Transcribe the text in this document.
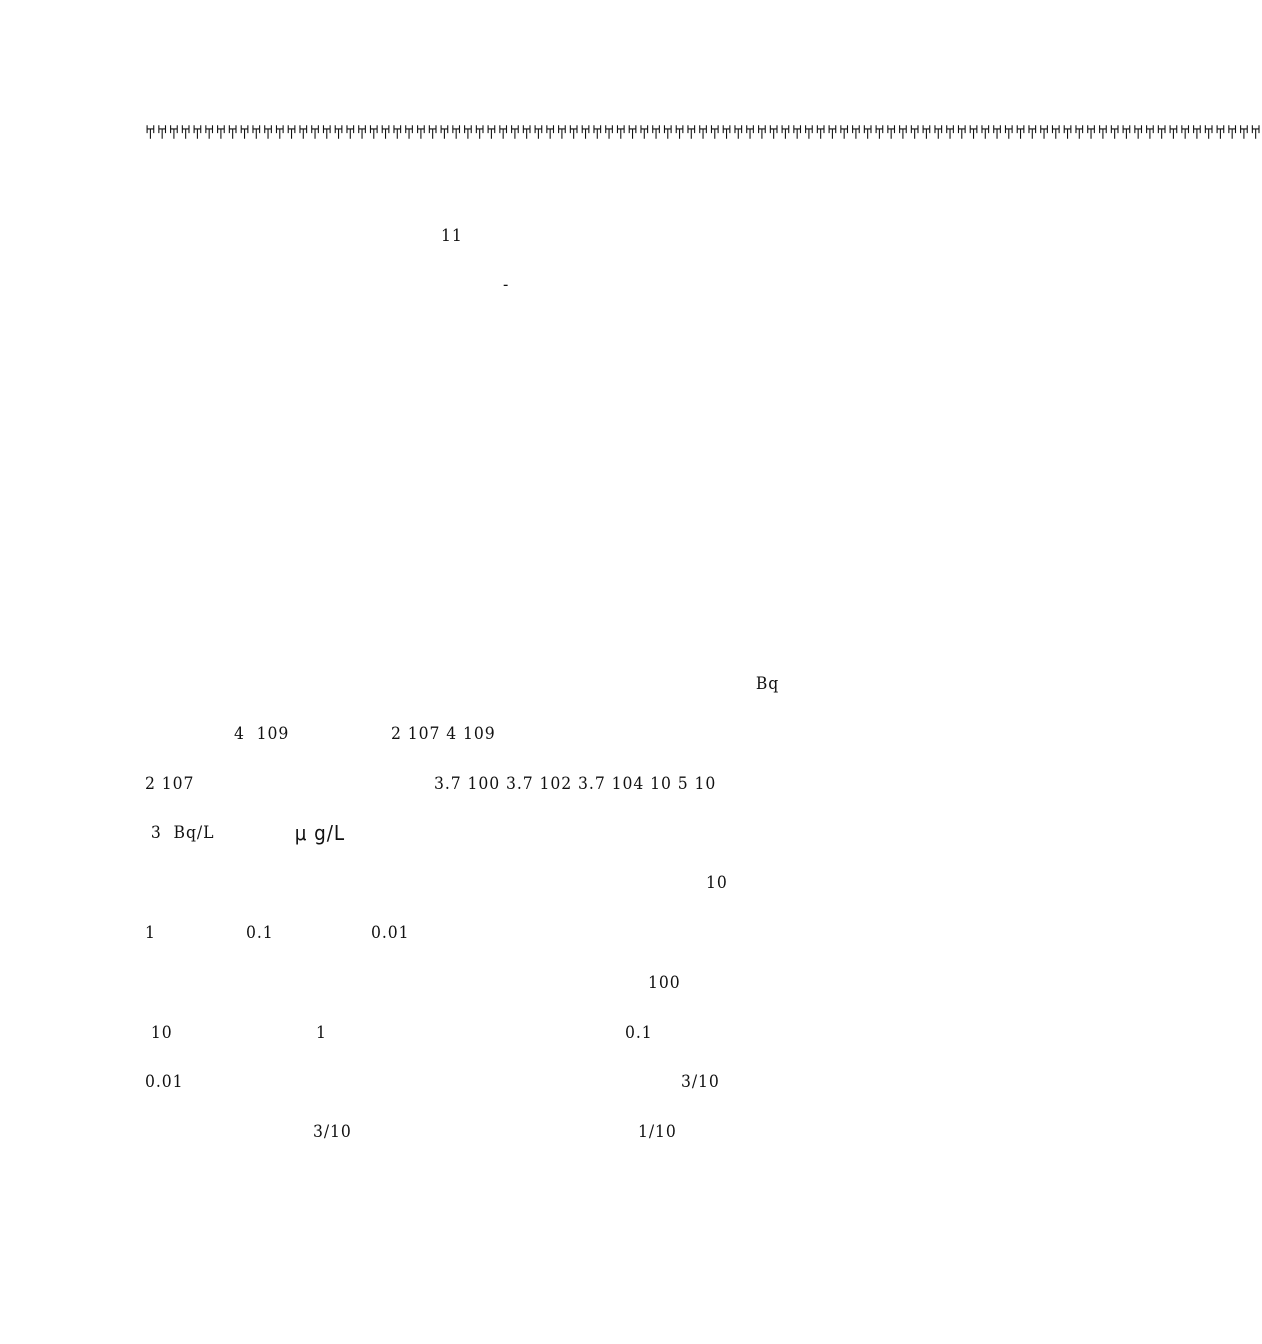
𐀀𐀀𐀀𐀀𐀀𐀀𐀀𐀀𐀀𐀀𐀀𐀀𐀀𐀀𐀀𐀀𐀀𐀀𐀀𐀀𐀀𐀀𐀀𐀀𐀀𐀀𐀀𐀀𐀀𐀀𐀀𐀀𐀀𐀀𐀀𐀀𐀀𐀀𐀀𐀀𐀀𐀀𐀀𐀀𐀀𐀀𐀀𐀀𐀀𐀀𐀀𐀀𐀀𐀀𐀀𐀀𐀀𐀀𐀀𐀀𐀀𐀀𐀀𐀀𐀀𐀀𐀀𐀀𐀀𐀀𐀀𐀀𐀀𐀀𐀀𐀀𐀀𐀀𐀀𐀀𐀀𐀀𐀀𐀀𐀀𐀀𐀀𐀀𐀀𐀀𐀀𐀀𐀀𐀀𐀀
11
-

Bq

4  109
	2 107 4 109

2 107	3.7 100 3.7 102 3.7 104 10 5 10
3  Bq/L	μ g/L

10
1	0.1	0.01
100
10	1	0.1
0.01
	3/10
3/10	1/10
